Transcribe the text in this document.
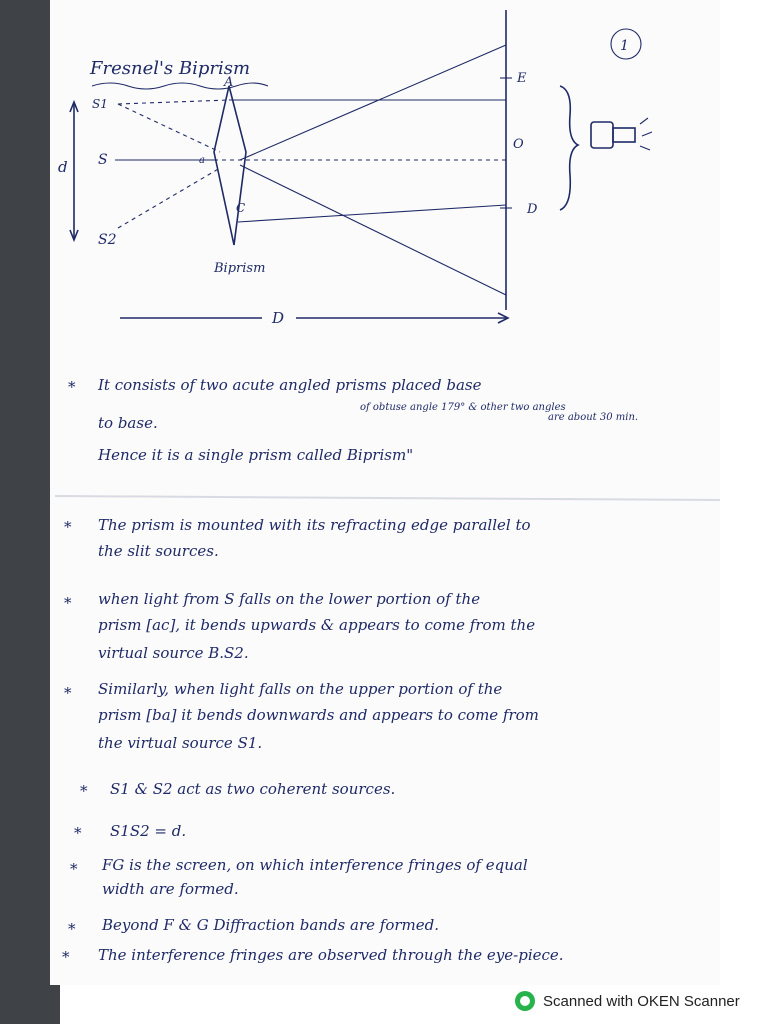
1
Fresnel's Biprism
A	E
O
D
S1
S
S2
d
C
a
Biprism
D
* It consists of two acute angled prisms placed base
to base.
Hence it is a single prism called Biprism"
of obtuse angle 179° & other two angles
are about 30 min.
* The prism is mounted with its refracting edge parallel to
the slit sources.
* when light from S falls on the lower portion of the
prism [ac], it bends upwards & appears to come from the
virtual source B.S2.
* Similarly, when light falls on the upper portion of the
prism [ba] it bends downwards and appears to come from
the virtual source S1.
* S1 & S2 act as two coherent sources.
* S1S2 = d.
* FG is the screen, on which interference fringes of equal
width are formed.
* Beyond F & G Diffraction bands are formed.
* The interference fringes are observed through the eye-piece.
Scanned with OKEN Scanner
